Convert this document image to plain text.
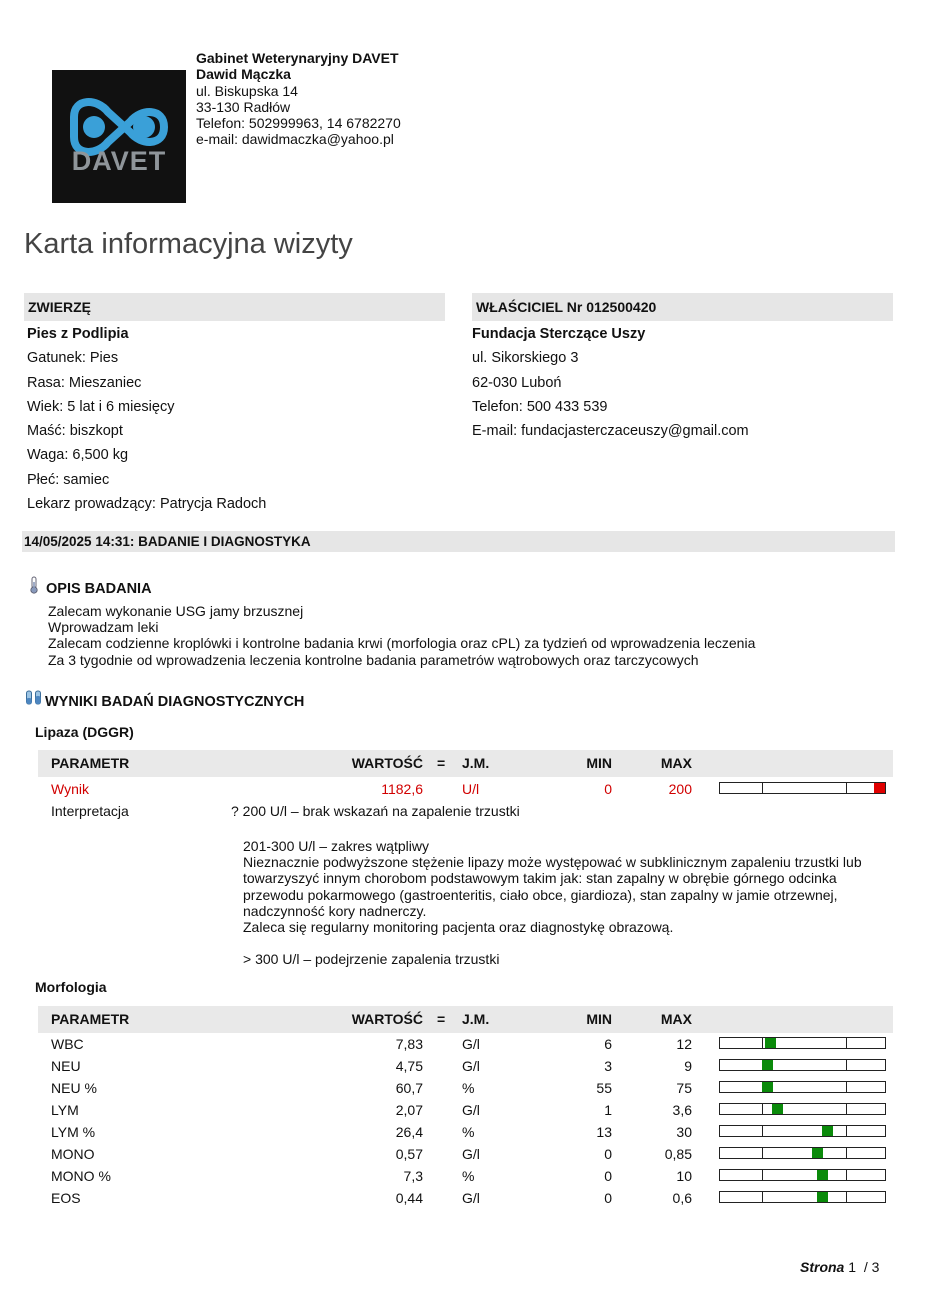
DAVET
Gabinet Weterynaryjny DAVET
Dawid Mączka
ul. Biskupska 14
33-130 Radłów
Telefon: 502999963, 14 6782270
e-mail: dawidmaczka@yahoo.pl
Karta informacyjna wizyty
ZWIERZĘ	WŁAŚCICIEL Nr 012500420
Pies z Podlipia
Gatunek: Pies
Rasa: Mieszaniec
Wiek: 5 lat i 6 miesięcy
Maść: biszkopt
Waga: 6,500 kg
Płeć: samiec
Lekarz prowadzący: Patrycja Radoch
Fundacja Sterczące Uszy
ul. Sikorskiego 3
62-030 Luboń
Telefon: 500 433 539
E-mail: fundacjasterczaceuszy@gmail.com
14/05/2025 14:31: BADANIE I DIAGNOSTYKA
OPIS BADANIA
Zalecam wykonanie USG jamy brzusznej
Wprowadzam leki
Zalecam codzienne kroplówki i kontrolne badania krwi (morfologia oraz cPL) za tydzień od wprowadzenia leczenia
Za 3 tygodnie od wprowadzenia leczenia kontrolne badania parametrów wątrobowych oraz tarczycowych
WYNIKI BADAŃ DIAGNOSTYCZNYCH
Lipaza (DGGR)
PARAMETR	WARTOŚĆ = J.M.	MIN	MAX
Wynik	1182,6	U/l	0	200
Interpretacja	? 200 U/l – brak wskazań na zapalenie trzustki
201-300 U/l – zakres wątpliwy
Nieznacznie podwyższone stężenie lipazy może występować w subklinicznym zapaleniu trzustki lub
towarzyszyć innym chorobom podstawowym takim jak: stan zapalny w obrębie górnego odcinka
przewodu pokarmowego (gastroenteritis, ciało obce, giardioza), stan zapalny w jamie otrzewnej,
nadczynność kory nadnerczy.
Zaleca się regularny monitoring pacjenta oraz diagnostykę obrazową.
> 300 U/l – podejrzenie zapalenia trzustki
Morfologia
PARAMETR	WARTOŚĆ = J.M.	MIN	MAX
WBC	7,83	G/l	6	12
NEU	4,75	G/l	3	9
NEU %	60,7	%	55	75
LYM	2,07	G/l	1	3,6
LYM %	26,4	%	13	30
MONO	0,57	G/l	0	0,85
MONO %	7,3	%	0	10
EOS	0,44	G/l	0	0,6
Strona 1 / 3
